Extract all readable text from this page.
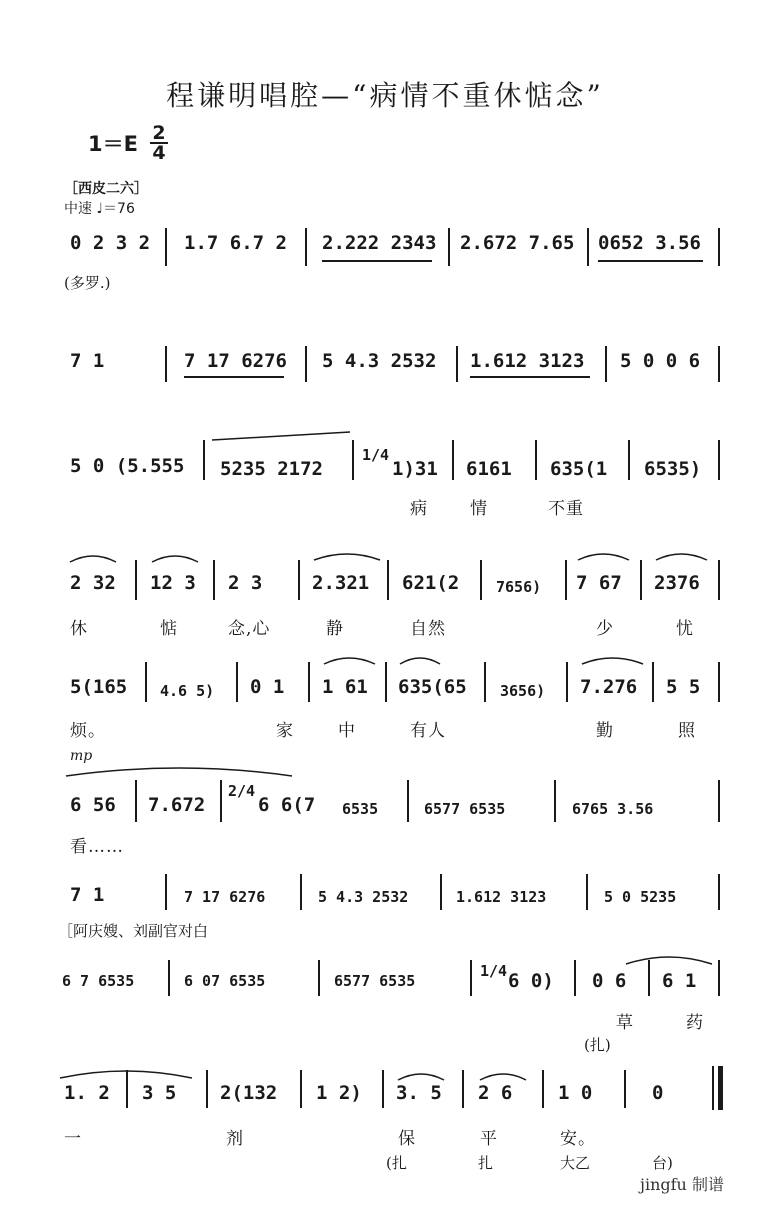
程谦明唱腔—“病情不重休惦念”
1＝E 2
4
［西皮二六］
中速 ♩＝76
0 2 3 2 1.7 6.7 2 2.222 2343 2.672 7.65 0652 3.56
(多罗.)
7 1	7 17 6276 5 4.3 2532 1.612 3123 5 0 0 6
5 0 (5.555 5235 2172
1/4
1)31 6161 635(1 6535)
病 情	不重
2 32 12 3 2 3	2.321 621(2 7656) 7 67 2376
休	惦	念,心	静	自然	少	忧
5(165 4.6 5) 0 1 1 61 635(65 3656) 7.276 5 5
烦。	家	中	有人	勤	照
mp
6 56 7.672
2/4
6 6(7 6535	6577 6535	6765 3.56
看……
7 1	7 17 6276	5 4.3 2532	1.612 3123	5 0 5235
［阿庆嫂、刘副官对白
6 7 6535	6 07 6535	6577 6535
1/4 6 0) 0 6 6 1
草	药
(扎)
1. 2 3 5 2(132 1 2) 3. 5 2 6 1 0	0
一	剂	保	平	安。
(扎	扎	大乙	台)
jingfu 制谱
